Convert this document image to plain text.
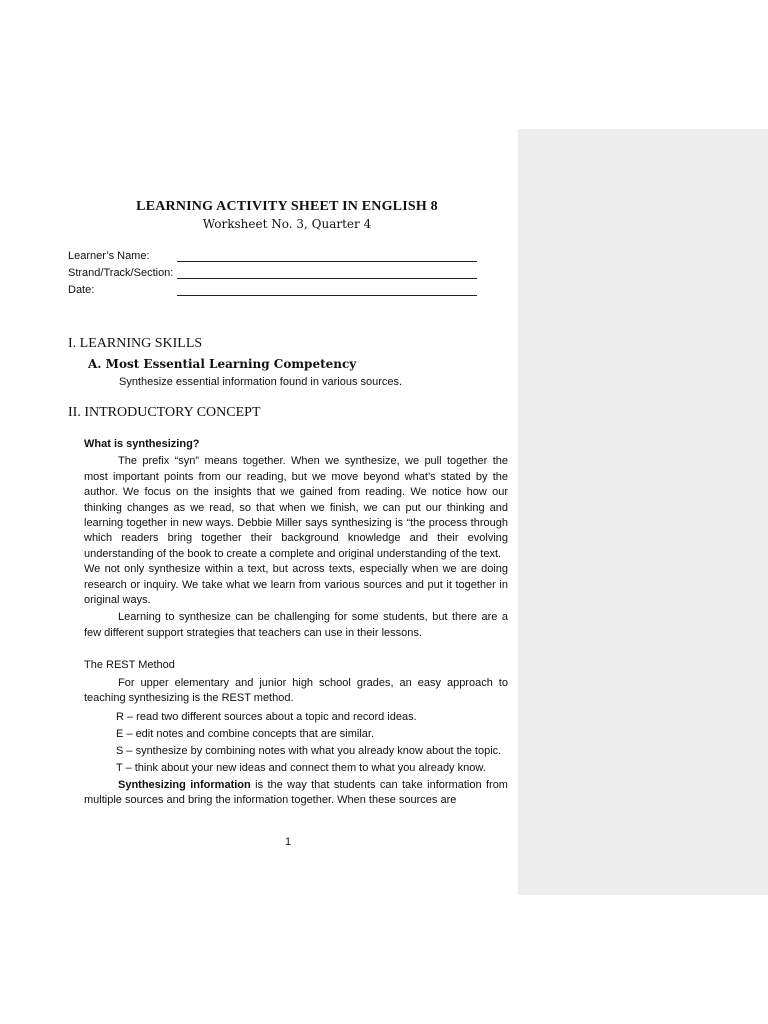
LEARNING ACTIVITY SHEET IN ENGLISH 8
Worksheet No. 3, Quarter 4
Learner’s Name:
Strand/Track/Section:
Date:
I. LEARNING SKILLS
A. Most Essential Learning Competency
Synthesize essential information found in various sources.
II. INTRODUCTORY CONCEPT

What is synthesizing?

The prefix “syn” means together. When we synthesize, we pull together the most important points from our reading, but we move beyond what’s stated by the author. We focus on the insights that we gained from reading. We notice how our thinking changes as we read, so that when we finish, we can put our thinking and learning together in new ways. Debbie Miller says synthesizing is “the process through which readers bring together their background knowledge and their evolving understanding of the book to create a complete and original understanding of the text.

We not only synthesize within a text, but across texts, especially when we are doing research or inquiry. We take what we learn from various sources and put it together in original ways.

Learning to synthesize can be challenging for some students, but there are a few different support strategies that teachers can use in their lessons.

The REST Method

For upper elementary and junior high school grades, an easy approach to teaching synthesizing is the REST method.

R – read two different sources about a topic and record ideas.

E – edit notes and combine concepts that are similar.

S – synthesize by combining notes with what you already know about the topic.

T – think about your new ideas and connect them to what you already know.

Synthesizing information is the way that students can take information from multiple sources and bring the information together. When these sources are

1
